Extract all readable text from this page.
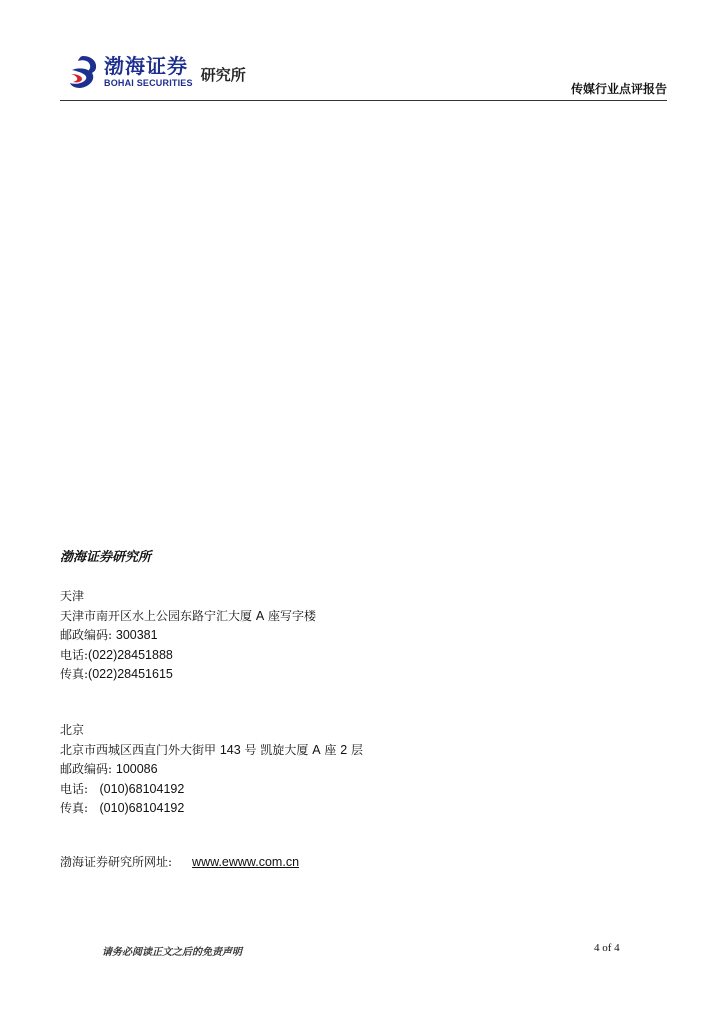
渤海证券
BOHAI SECURITIES 研究所
传媒行业点评报告
渤海证券研究所
天津
天津市南开区水上公园东路宁汇大厦 A 座写字楼
邮政编码: 300381
电话:(022)28451888
传真:(022)28451615
北京
北京市西城区西直门外大街甲 143 号 凯旋大厦 A 座 2 层
邮政编码: 100086
电话: (010)68104192
传真: (010)68104192
渤海证券研究所网址: www.ewww.com.cn
请务必阅读正文之后的免责声明	4 of 4
